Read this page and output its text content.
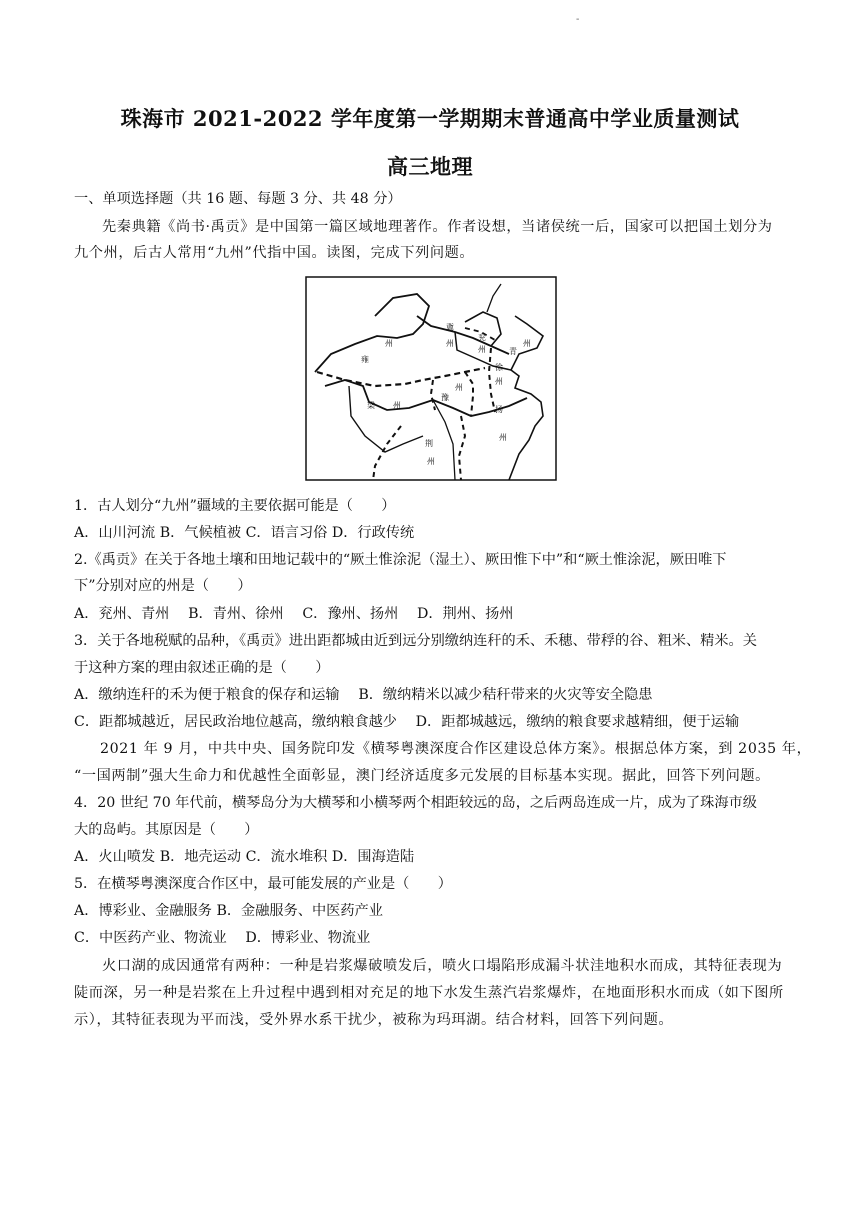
-
珠海市 2021-2022 学年度第一学期期末普通高中学业质量测试
高三地理
一、单项选择题（共 16 题、每题 3 分、共 48 分）
先秦典籍《尚书·禹贡》是中国第一篇区域地理著作。作者设想，当诸侯统一后，国家可以把国土划分为
九个州，后古人常用“九州”代指中国。读图，完成下列问题。
州
雍
冀
州
兖
州	青
州
徐
州
州
豫
梁 州	扬
州
荆
州
1．古人划分“九州”疆域的主要依据可能是（　　）
A．山川河流 B．气候植被 C．语言习俗 D．行政传统
2.《禹贡》在关于各地土壤和田地记载中的“厥土惟涂泥（湿土）、厥田惟下中”和“厥土惟涂泥，厥田唯下
下”分别对应的州是（　　）
A．兖州、青州　 B．青州、徐州　 C．豫州、扬州　 D．荆州、扬州
3．关于各地税赋的品种，《禹贡》进出距都城由近到远分别缴纳连秆的禾、禾穗、带稃的谷、粗米、精米。关
于这种方案的理由叙述正确的是（　　）
A．缴纳连秆的禾为便于粮食的保存和运输　 B．缴纳精米以减少秸秆带来的火灾等安全隐患
C．距都城越近，居民政治地位越高，缴纳粮食越少　 D．距都城越远，缴纳的粮食要求越精细，便于运输
2021 年 9 月，中共中央、国务院印发《横琴粤澳深度合作区建设总体方案》。根据总体方案，到 2035 年，
“一国两制”强大生命力和优越性全面彰显，澳门经济适度多元发展的目标基本实现。据此，回答下列问题。
4．20 世纪 70 年代前，横琴岛分为大横琴和小横琴两个相距较远的岛，之后两岛连成一片，成为了珠海市级
大的岛屿。其原因是（　　）
A．火山喷发 B．地壳运动 C．流水堆积 D．围海造陆
5．在横琴粤澳深度合作区中，最可能发展的产业是（　　）
A．博彩业、金融服务 B．金融服务、中医药产业
C．中医药产业、物流业　 D．博彩业、物流业
火口湖的成因通常有两种：一种是岩浆爆破喷发后，喷火口塌陷形成漏斗状洼地积水而成，其特征表现为
陡而深，另一种是岩浆在上升过程中遇到相对充足的地下水发生蒸汽岩浆爆炸，在地面形积水而成（如下图所
示），其特征表现为平而浅，受外界水系干扰少，被称为玛珥湖。结合材料，回答下列问题。
